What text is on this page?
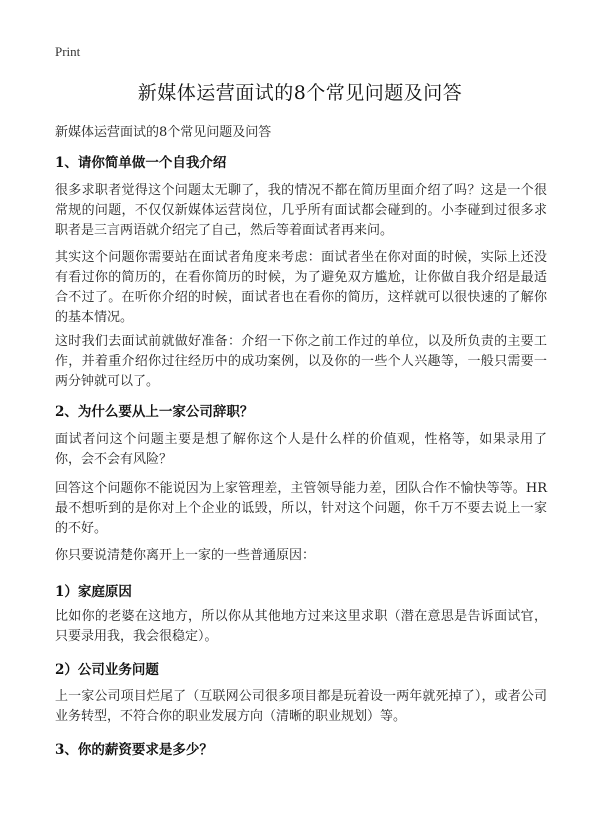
Print
新媒体运营面试的8个常见问题及问答
新媒体运营面试的8个常见问题及问答
1、请你简单做一个自我介绍
很多求职者觉得这个问题太无聊了，我的情况不都在简历里面介绍了吗？这是一个很常规的问题，不仅仅新媒体运营岗位，几乎所有面试都会碰到的。小李碰到过很多求职者是三言两语就介绍完了自己，然后等着面试者再来问。
其实这个问题你需要站在面试者角度来考虑：面试者坐在你对面的时候，实际上还没有看过你的简历的，在看你简历的时候，为了避免双方尴尬，让你做自我介绍是最适合不过了。在听你介绍的时候，面试者也在看你的简历，这样就可以很快速的了解你的基本情况。
这时我们去面试前就做好准备：介绍一下你之前工作过的单位，以及所负责的主要工作，并着重介绍你过往经历中的成功案例，以及你的一些个人兴趣等，一般只需要一两分钟就可以了。
2、为什么要从上一家公司辞职？
面试者问这个问题主要是想了解你这个人是什么样的价值观，性格等，如果录用了你，会不会有风险？
回答这个问题你不能说因为上家管理差，主管领导能力差，团队合作不愉快等等。HR最不想听到的是你对上个企业的诋毁，所以，针对这个问题，你千万不要去说上一家的不好。
你只要说清楚你离开上一家的一些普通原因：
1）家庭原因
比如你的老婆在这地方，所以你从其他地方过来这里求职（潜在意思是告诉面试官，只要录用我，我会很稳定）。
2）公司业务问题
上一家公司项目烂尾了（互联网公司很多项目都是玩着设一两年就死掉了），或者公司业务转型，不符合你的职业发展方向（清晰的职业规划）等。
3、你的薪资要求是多少？
